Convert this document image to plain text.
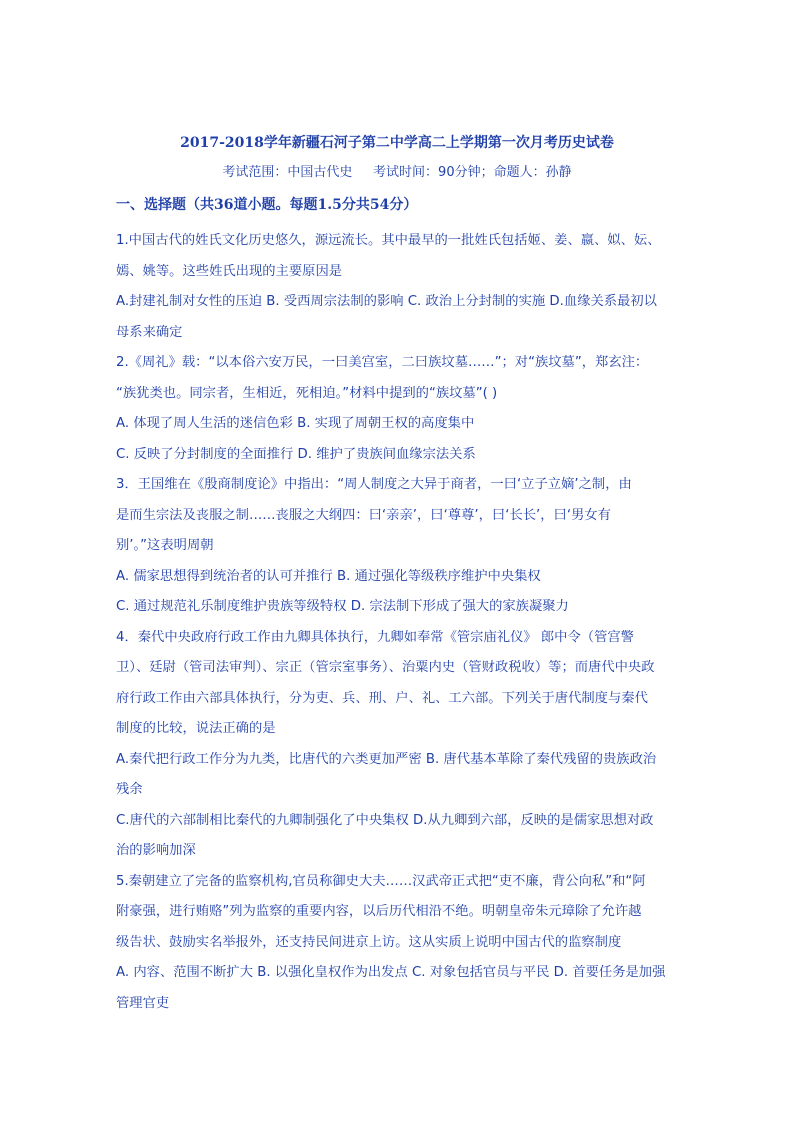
2017-2018学年新疆石河子第二中学高二上学期第一次月考历史试卷
考试范围：中国古代史     考试时间：90分钟；命题人：孙静
一、选择题（共36道小题。每题1.5分共54分）
1.中国古代的姓氏文化历史悠久，源远流长。其中最早的一批姓氏包括姬、姜、嬴、姒、妘、
嫣、姚等。这些姓氏出现的主要原因是
A.封建礼制对女性的压迫 B. 受西周宗法制的影响 C. 政治上分封制的实施 D.血缘关系最初以
母系来确定
2.《周礼》载：“以本俗六安万民，一曰美宫室，二曰族坟墓……”；对“族坟墓”，郑玄注：
“族犹类也。同宗者，生相近，死相迫。”材料中提到的“族坟墓”( )
A. 体现了周人生活的迷信色彩 B. 实现了周朝王权的高度集中
C. 反映了分封制度的全面推行 D. 维护了贵族间血缘宗法关系
3．王国维在《殷商制度论》中指出：“周人制度之大异于商者，一曰‘立子立嫡’之制，由
是而生宗法及丧服之制……丧服之大纲四：曰‘亲亲’，曰‘尊尊’，曰‘长长’，曰‘男女有
别’。”这表明周朝
A. 儒家思想得到统治者的认可并推行 B. 通过强化等级秩序维护中央集权
C. 通过规范礼乐制度维护贵族等级特权 D. 宗法制下形成了强大的家族凝聚力
4．秦代中央政府行政工作由九卿具体执行，九卿如奉常《管宗庙礼仪》 郎中令（管宫警
卫）、廷尉（管司法审判）、宗正（管宗室事务）、治粟内史（管财政税收）等；而唐代中央政
府行政工作由六部具体执行，分为吏、兵、刑、户、礼、工六部。下列关于唐代制度与秦代
制度的比较，说法正确的是
A.秦代把行政工作分为九类，比唐代的六类更加严密 B. 唐代基本革除了秦代残留的贵族政治
残余
C.唐代的六部制相比秦代的九卿制强化了中央集权 D.从九卿到六部，反映的是儒家思想对政
治的影响加深
5.秦朝建立了完备的监察机构,官员称御史大夫……汉武帝正式把“吏不廉，背公向私”和“阿
附豪强，进行贿赂”列为监察的重要内容，以后历代相沿不绝。明朝皇帝朱元璋除了允许越
级告状、鼓励实名举报外，还支持民间进京上访。这从实质上说明中国古代的监察制度
A. 内容、范围不断扩大 B. 以强化皇权作为出发点 C. 对象包括官员与平民 D. 首要任务是加强
管理官吏
